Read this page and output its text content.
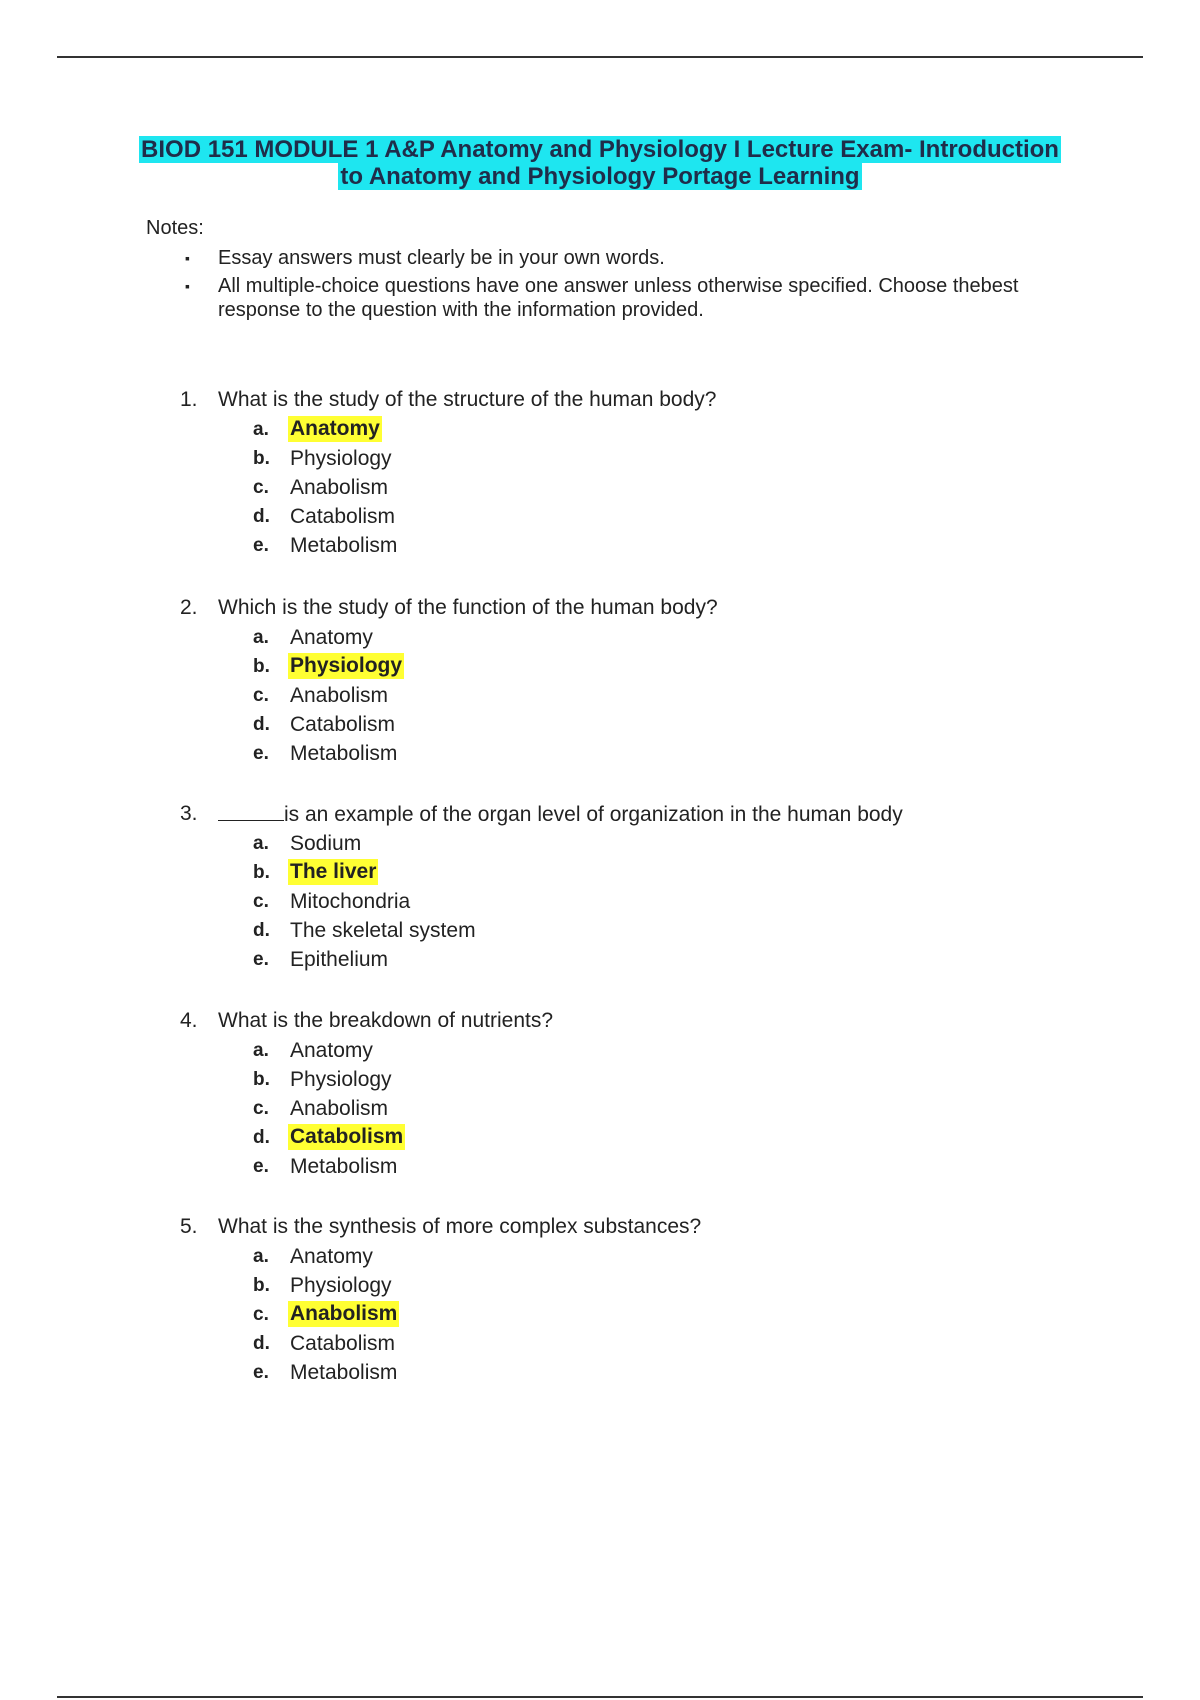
BIOD 151 MODULE 1 A&P Anatomy and Physiology I Lecture Exam- Introduction
to Anatomy and Physiology Portage Learning
Notes:
▪ Essay answers must clearly be in your own words.
▪ All multiple-choice questions have one answer unless otherwise specified. Choose thebest response to the question with the information provided.
1. What is the study of the structure of the human body?
a. Anatomy
b. Physiology
c. Anabolism
d. Catabolism
e. Metabolism
2. Which is the study of the function of the human body?
a. Anatomy
b. Physiology
c. Anabolism
d. Catabolism
e. Metabolism
3.	is an example of the organ level of organization in the human body
a. Sodium
b. The liver
c. Mitochondria
d. The skeletal system
e. Epithelium
4. What is the breakdown of nutrients?
a. Anatomy
b. Physiology
c. Anabolism
d. Catabolism
e. Metabolism
5. What is the synthesis of more complex substances?
a. Anatomy
b. Physiology
c. Anabolism
d. Catabolism
e. Metabolism
